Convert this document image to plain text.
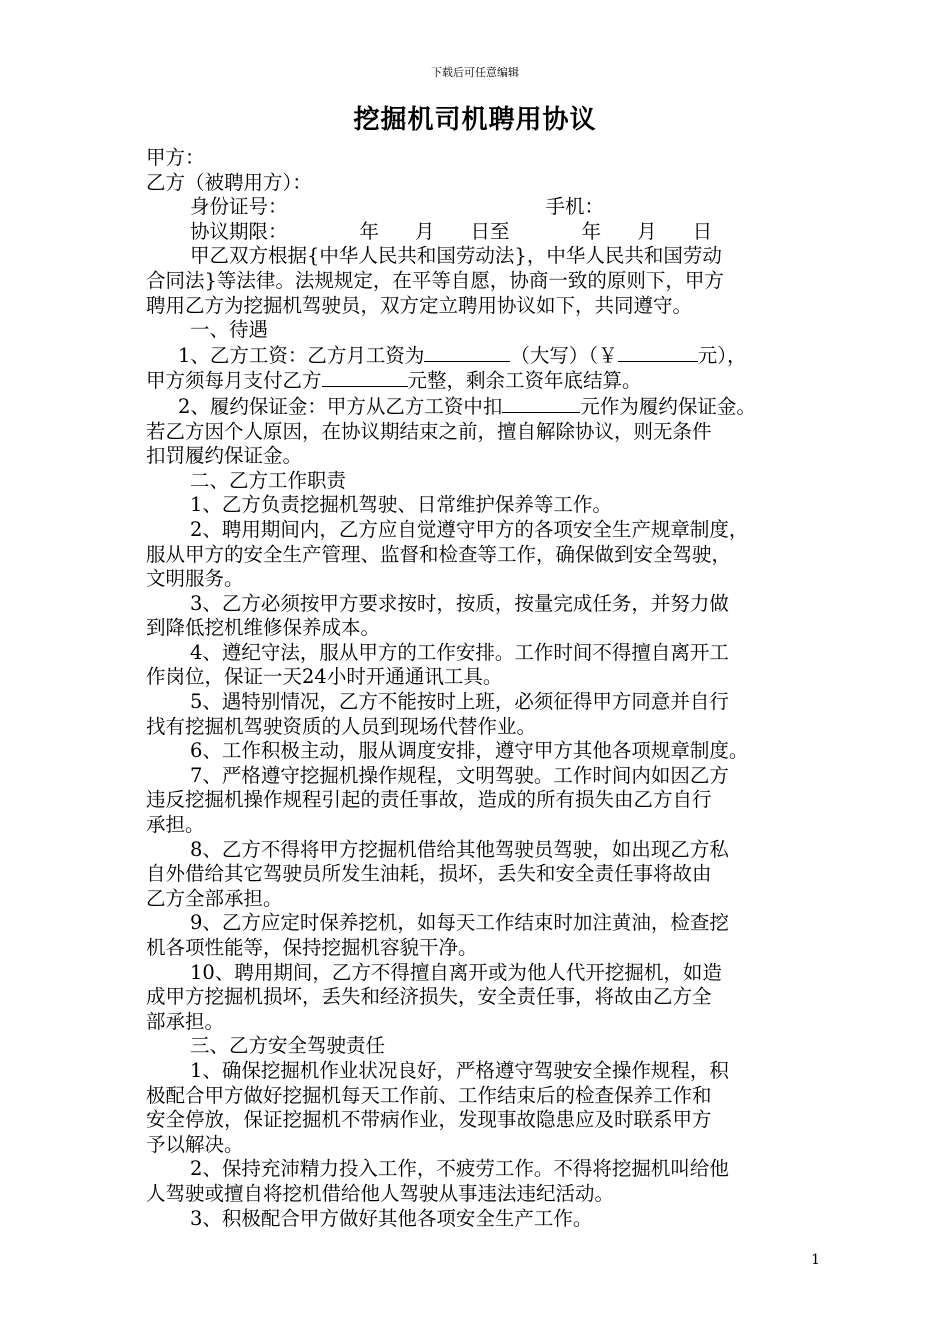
下载后可任意编辑
挖掘机司机聘用协议
甲方：
乙方（被聘用方）：
身份证号：	手机：
协议期限：	年 月 日至	年 月 日
甲乙双方根据{中华人民共和国劳动法}，中华人民共和国劳动
合同法}等法律。法规规定，在平等自愿，协商一致的原则下，甲方
聘用乙方为挖掘机驾驶员，双方定立聘用协议如下，共同遵守。
一、待遇
1、乙方工资：乙方月工资为	（大写）（￥	元），
甲方须每月支付乙方	元整，剩余工资年底结算。
2、履约保证金：甲方从乙方工资中扣	元作为履约保证金。
若乙方因个人原因，在协议期结束之前，擅自解除协议，则无条件
扣罚履约保证金。
二、乙方工作职责
1、乙方负责挖掘机驾驶、日常维护保养等工作。
2、聘用期间内，乙方应自觉遵守甲方的各项安全生产规章制度，
服从甲方的安全生产管理、监督和检查等工作，确保做到安全驾驶，
文明服务。
3、乙方必须按甲方要求按时，按质，按量完成任务，并努力做
到降低挖机维修保养成本。
4、遵纪守法，服从甲方的工作安排。工作时间不得擅自离开工
作岗位，保证一天24小时开通通讯工具。
5、遇特别情况，乙方不能按时上班，必须征得甲方同意并自行
找有挖掘机驾驶资质的人员到现场代替作业。
6、工作积极主动，服从调度安排，遵守甲方其他各项规章制度。
7、严格遵守挖掘机操作规程，文明驾驶。工作时间内如因乙方
违反挖掘机操作规程引起的责任事故，造成的所有损失由乙方自行
承担。
8、乙方不得将甲方挖掘机借给其他驾驶员驾驶，如出现乙方私
自外借给其它驾驶员所发生油耗，损坏，丢失和安全责任事将故由
乙方全部承担。
9、乙方应定时保养挖机，如每天工作结束时加注黄油，检查挖
机各项性能等，保持挖掘机容貌干净。
10、聘用期间，乙方不得擅自离开或为他人代开挖掘机，如造
成甲方挖掘机损坏，丢失和经济损失，安全责任事，将故由乙方全
部承担。
三、乙方安全驾驶责任
1、确保挖掘机作业状况良好，严格遵守驾驶安全操作规程，积
极配合甲方做好挖掘机每天工作前、工作结束后的检查保养工作和
安全停放，保证挖掘机不带病作业，发现事故隐患应及时联系甲方
予以解决。
2、保持充沛精力投入工作，不疲劳工作。不得将挖掘机叫给他
人驾驶或擅自将挖机借给他人驾驶从事违法违纪活动。
3、积极配合甲方做好其他各项安全生产工作。
1
